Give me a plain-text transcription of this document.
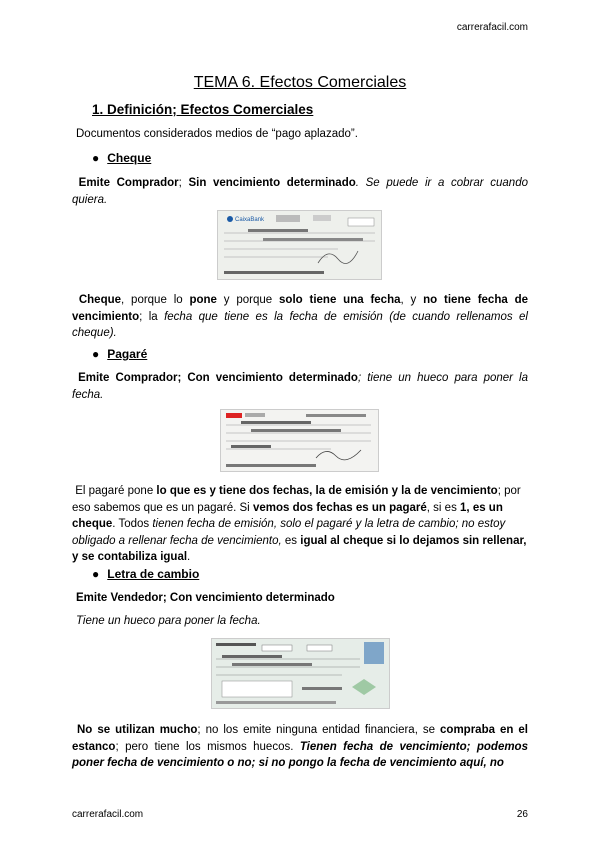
carrerafacil.com
TEMA 6. Efectos Comerciales
1. Definición; Efectos Comerciales
Documentos considerados medios de “pago aplazado”.
● Cheque
Emite Comprador; Sin vencimiento determinado. Se puede ir a cobrar cuando quiera.
CaixaBank
Cheque, porque lo pone y porque solo tiene una fecha, y no tiene fecha de vencimiento; la fecha que tiene es la fecha de emisión (de cuando rellenamos el cheque).
● Pagaré
Emite Comprador; Con vencimiento determinado; tiene un hueco para poner la fecha.
El pagaré pone lo que es y tiene dos fechas, la de emisión y la de vencimiento; por eso sabemos que es un pagaré. Si vemos dos fechas es un pagaré, si es 1, es un cheque. Todos tienen fecha de emisión, solo el pagaré y la letra de cambio; no estoy obligado a rellenar fecha de vencimiento, es igual al cheque si lo dejamos sin rellenar, y se contabiliza igual.
● Letra de cambio
Emite Vendedor; Con vencimiento determinado
Tiene un hueco para poner la fecha.
No se utilizan mucho; no los emite ninguna entidad financiera, se compraba en el estanco; pero tiene los mismos huecos. Tienen fecha de vencimiento; podemos poner fecha de vencimiento o no; si no pongo la fecha de vencimiento aquí, no
carrerafacil.com	26
